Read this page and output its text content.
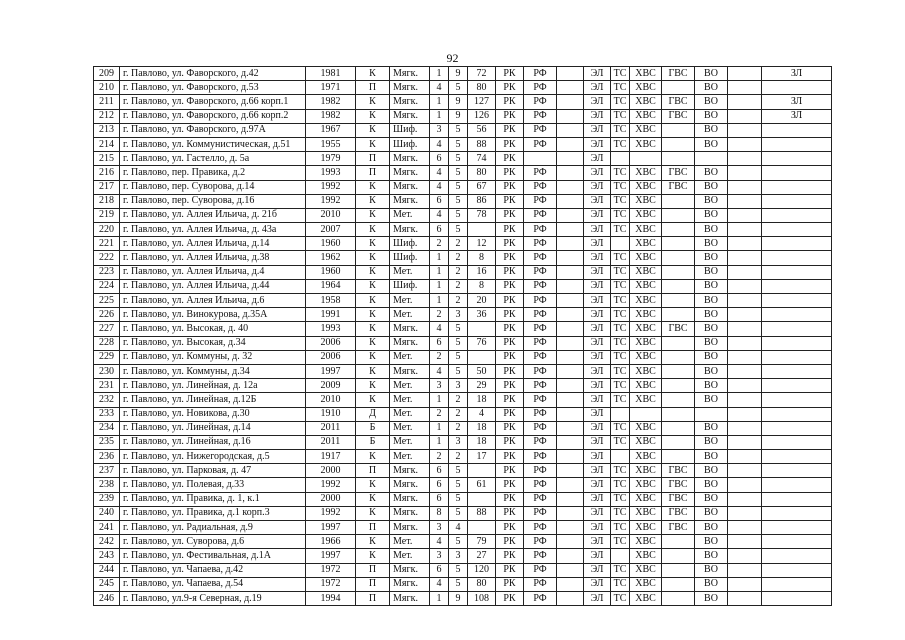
92
209	г. Павлово, ул. Фаворского, д.42	1981	К	Мягк.	1	9	72	РК	РФ		ЭЛ	ТС	ХВС	ГВС	ВО		ЗЛ
210	г. Павлово, ул. Фаворского, д.53	1971	П	Мягк.	4	5	80	РК	РФ		ЭЛ	ТС	ХВС		ВО		
211	г. Павлово, ул. Фаворского, д.66 корп.1	1982	К	Мягк.	1	9	127	РК	РФ		ЭЛ	ТС	ХВС	ГВС	ВО		ЗЛ
212	г. Павлово, ул. Фаворского, д.66 корп.2	1982	К	Мягк.	1	9	126	РК	РФ		ЭЛ	ТС	ХВС	ГВС	ВО		ЗЛ
213	г. Павлово, ул. Фаворского, д.97А	1967	К	Шиф.	3	5	56	РК	РФ		ЭЛ	ТС	ХВС		ВО		
214	г. Павлово, ул. Коммунистическая, д.51	1955	К	Шиф.	4	5	88	РК	РФ		ЭЛ	ТС	ХВС		ВО		
215	г. Павлово, ул. Гастелло, д. 5а	1979	П	Мягк.	6	5	74	РК			ЭЛ						
216	г. Павлово, пер. Правика, д.2	1993	П	Мягк.	4	5	80	РК	РФ		ЭЛ	ТС	ХВС	ГВС	ВО		
217	г. Павлово, пер. Суворова, д.14	1992	К	Мягк.	4	5	67	РК	РФ		ЭЛ	ТС	ХВС	ГВС	ВО		
218	г. Павлово, пер. Суворова, д.16	1992	К	Мягк.	6	5	86	РК	РФ		ЭЛ	ТС	ХВС		ВО		
219	г. Павлово, ул. Аллея Ильича, д. 21б	2010	К	Мет.	4	5	78	РК	РФ		ЭЛ	ТС	ХВС		ВО		
220	г. Павлово, ул. Аллея Ильича, д. 43а	2007	К	Мягк.	6	5		РК	РФ		ЭЛ	ТС	ХВС		ВО		
221	г. Павлово, ул. Аллея Ильича, д.14	1960	К	Шиф.	2	2	12	РК	РФ		ЭЛ		ХВС		ВО		
222	г. Павлово, ул. Аллея Ильича, д.38	1962	К	Шиф.	1	2	8	РК	РФ		ЭЛ	ТС	ХВС		ВО		
223	г. Павлово, ул. Аллея Ильича, д.4	1960	К	Мет.	1	2	16	РК	РФ		ЭЛ	ТС	ХВС		ВО		
224	г. Павлово, ул. Аллея Ильича, д.44	1964	К	Шиф.	1	2	8	РК	РФ		ЭЛ	ТС	ХВС		ВО		
225	г. Павлово, ул. Аллея Ильича, д.6	1958	К	Мет.	1	2	20	РК	РФ		ЭЛ	ТС	ХВС		ВО		
226	г. Павлово, ул. Винокурова, д.35А	1991	К	Мет.	2	3	36	РК	РФ		ЭЛ	ТС	ХВС		ВО		
227	г. Павлово, ул. Высокая, д. 40	1993	К	Мягк.	4	5		РК	РФ		ЭЛ	ТС	ХВС	ГВС	ВО		
228	г. Павлово, ул. Высокая, д.34	2006	К	Мягк.	6	5	76	РК	РФ		ЭЛ	ТС	ХВС		ВО		
229	г. Павлово, ул. Коммуны, д. 32	2006	К	Мет.	2	5		РК	РФ		ЭЛ	ТС	ХВС		ВО		
230	г. Павлово, ул. Коммуны, д.34	1997	К	Мягк.	4	5	50	РК	РФ		ЭЛ	ТС	ХВС		ВО		
231	г. Павлово, ул. Линейная, д. 12а	2009	К	Мет.	3	3	29	РК	РФ		ЭЛ	ТС	ХВС		ВО		
232	г. Павлово, ул. Линейная, д.12Б	2010	К	Мет.	1	2	18	РК	РФ		ЭЛ	ТС	ХВС		ВО		
233	г. Павлово, ул. Новикова, д.30	1910	Д	Мет.	2	2	4	РК	РФ		ЭЛ						
234	г. Павлово, ул. Линейная, д.14	2011	Б	Мет.	1	2	18	РК	РФ		ЭЛ	ТС	ХВС		ВО		
235	г. Павлово, ул. Линейная, д.16	2011	Б	Мет.	1	3	18	РК	РФ		ЭЛ	ТС	ХВС		ВО		
236	г. Павлово, ул. Нижегородская, д.5	1917	К	Мет.	2	2	17	РК	РФ		ЭЛ		ХВС		ВО		
237	г. Павлово, ул. Парковая, д. 47	2000	П	Мягк.	6	5		РК	РФ		ЭЛ	ТС	ХВС	ГВС	ВО		
238	г. Павлово, ул. Полевая, д.33	1992	К	Мягк.	6	5	61	РК	РФ		ЭЛ	ТС	ХВС	ГВС	ВО		
239	г. Павлово, ул. Правика, д. 1, к.1	2000	К	Мягк.	6	5		РК	РФ		ЭЛ	ТС	ХВС	ГВС	ВО		
240	г. Павлово, ул. Правика, д.1 корп.3	1992	К	Мягк.	8	5	88	РК	РФ		ЭЛ	ТС	ХВС	ГВС	ВО		
241	г. Павлово, ул. Радиальная, д.9	1997	П	Мягк.	3	4		РК	РФ		ЭЛ	ТС	ХВС	ГВС	ВО		
242	г. Павлово, ул. Суворова, д.6	1966	К	Мет.	4	5	79	РК	РФ		ЭЛ	ТС	ХВС		ВО		
243	г. Павлово, ул. Фестивальная, д.1А	1997	К	Мет.	3	3	27	РК	РФ		ЭЛ		ХВС		ВО		
244	г. Павлово, ул. Чапаева, д.42	1972	П	Мягк.	6	5	120	РК	РФ		ЭЛ	ТС	ХВС		ВО		
245	г. Павлово, ул. Чапаева, д.54	1972	П	Мягк.	4	5	80	РК	РФ		ЭЛ	ТС	ХВС		ВО		
246	г. Павлово, ул.9-я Северная, д.19	1994	П	Мягк.	1	9	108	РК	РФ		ЭЛ	ТС	ХВС		ВО		
